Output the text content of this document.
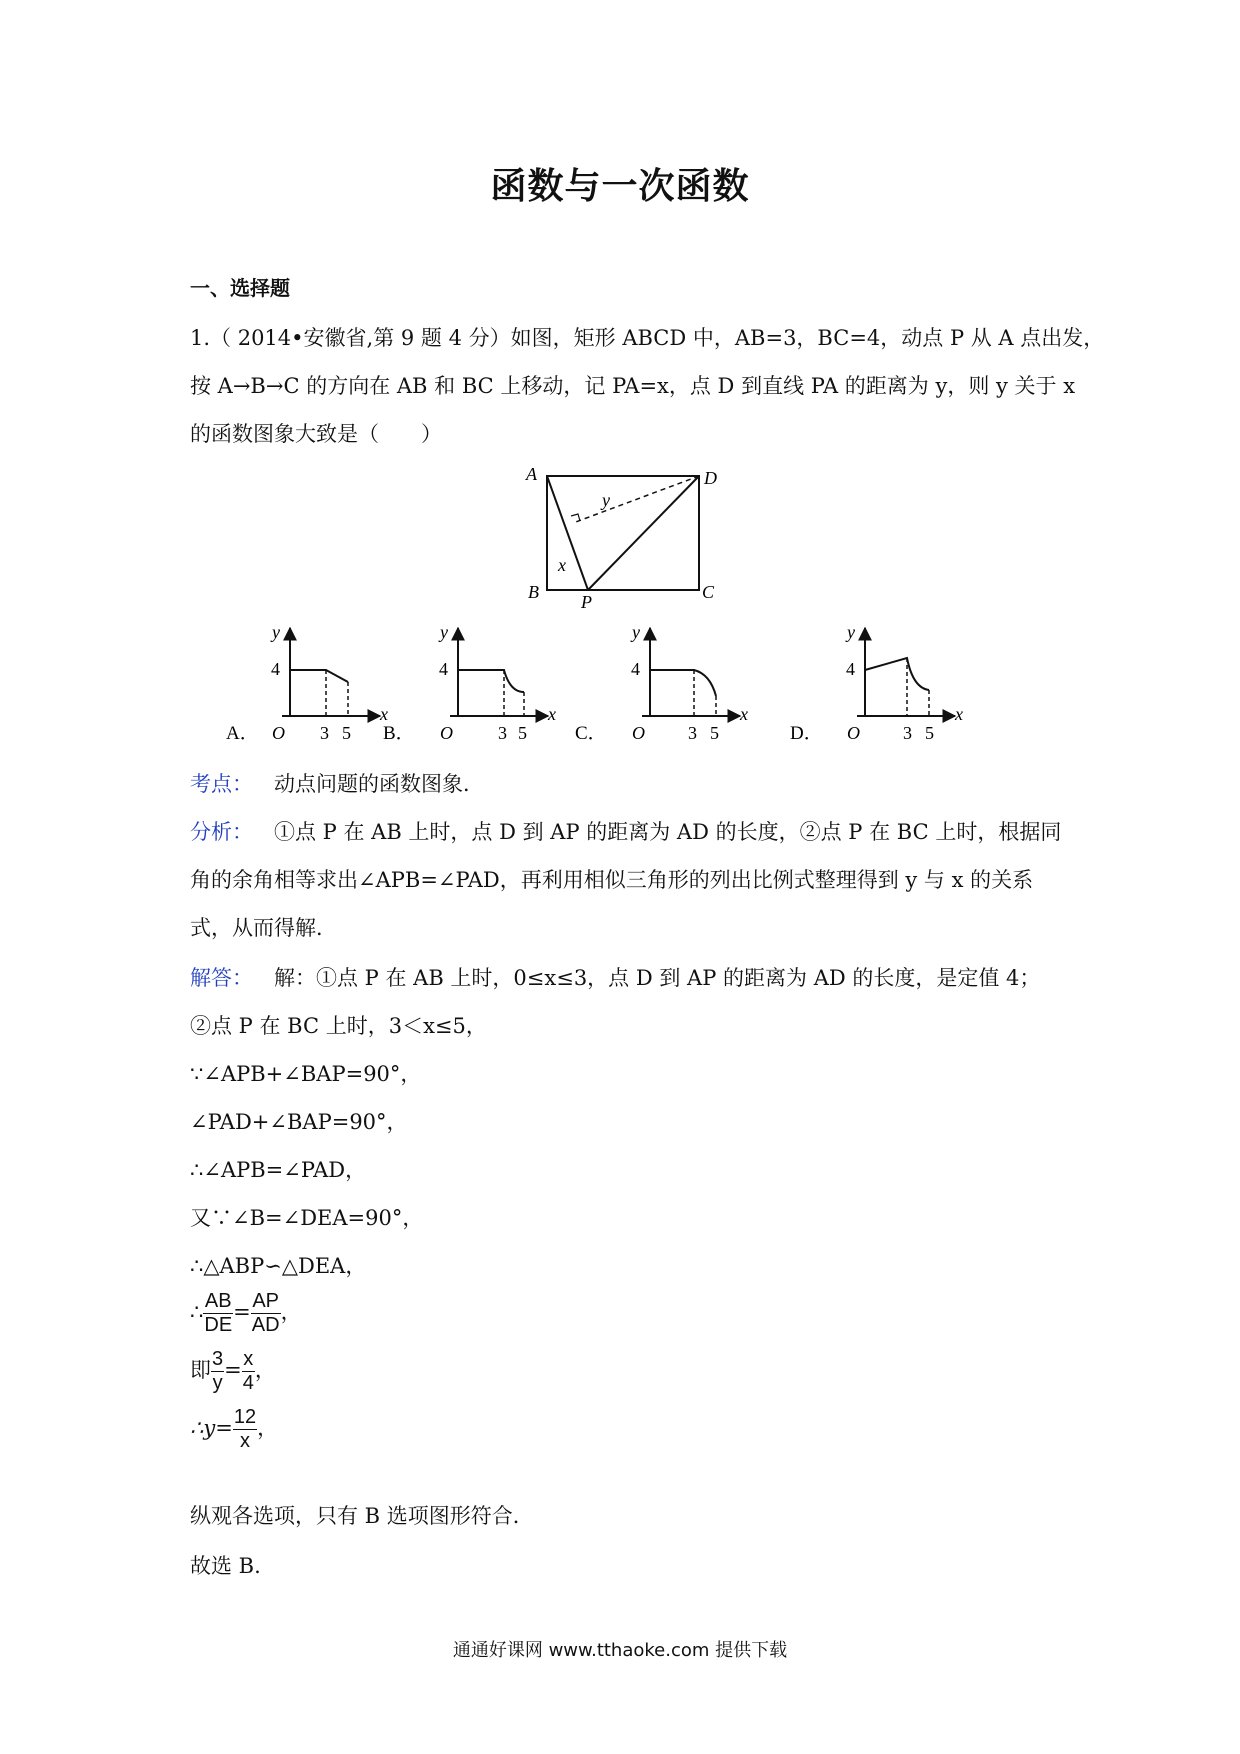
函数与一次函数
一、选择题
1.（ 2014•安徽省,第 9 题 4 分）如图，矩形 ABCD 中，AB=3，BC=4，动点 P 从 A 点出发，
按 A→B→C 的方向在 AB 和 BC 上移动，记 PA=x，点 D 到直线 PA 的距离为 y，则 y 关于 x
的函数图象大致是（　　）
A	D
B	C
P
x
y
A．
y
x
4
O 3 5 B．
y
x
4
O	3 5	C．
y
x
4
O 3 5	D．
y
x
4
O 3 5
考点： 动点问题的函数图象．
分析： ①点 P 在 AB 上时，点 D 到 AP 的距离为 AD 的长度，②点 P 在 BC 上时，根据同
角的余角相等求出∠APB=∠PAD，再利用相似三角形的列出比例式整理得到 y 与 x 的关系
式，从而得解．
解答： 解：①点 P 在 AB 上时，0≤x≤3，点 D 到 AP 的距离为 AD 的长度，是定值 4；
②点 P 在 BC 上时，3＜x≤5，
∵∠APB+∠BAP=90°，
∠PAD+∠BAP=90°，
∴∠APB=∠PAD，
又∵∠B=∠DEA=90°，
∴△ABP∽△DEA，
∴ $\frac{AB}{DE} = \frac{AP}{AD}$ ，
即 $\frac{3}{y} = \frac{x}{4}$ ，
∴y= $\frac{12}{x}$ ，
纵观各选项，只有 B 选项图形符合．
故选 B.
通通好课网 www.tthaoke.com 提供下载
